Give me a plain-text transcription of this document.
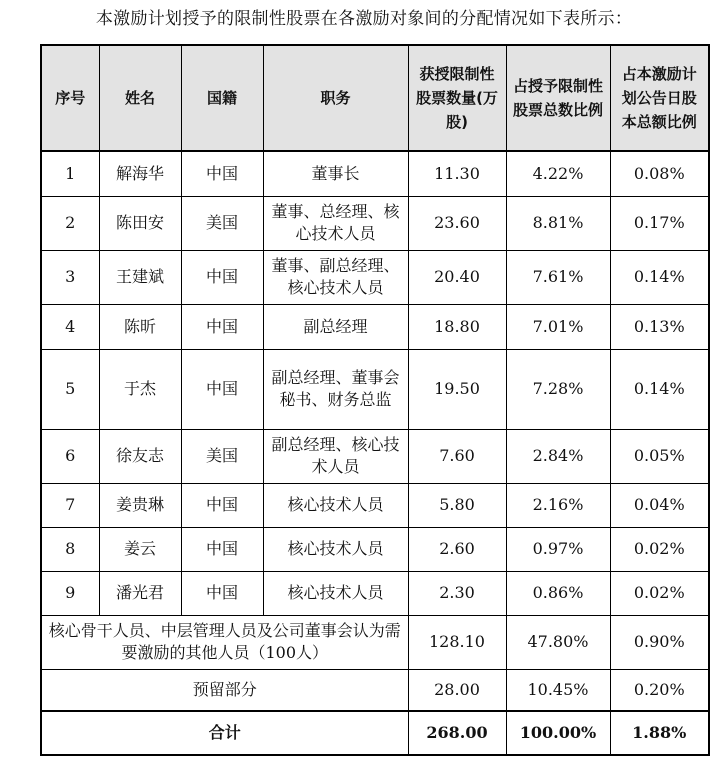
本激励计划授予的限制性股票在各激励对象间的分配情况如下表所示：
序号	姓名	国籍	职务	获授限制性股票数量(万股)	占授予限制性股票总数比例	占本激励计划公告日股本总额比例
1	解海华	中国	董事长	11.30	4.22%	0.08%
2	陈田安	美国	董事、总经理、核心技术人员	23.60	8.81%	0.17%
3	王建斌	中国	董事、副总经理、核心技术人员	20.40	7.61%	0.14%
4	陈昕	中国	副总经理	18.80	7.01%	0.13%
5	于杰	中国	副总经理、董事会秘书、财务总监	19.50	7.28%	0.14%
6	徐友志	美国	副总经理、核心技术人员	7.60	2.84%	0.05%
7	姜贵琳	中国	核心技术人员	5.80	2.16%	0.04%
8	姜云	中国	核心技术人员	2.60	0.97%	0.02%
9	潘光君	中国	核心技术人员	2.30	0.86%	0.02%
核心骨干人员、中层管理人员及公司董事会认为需要激励的其他人员（100人）				128.10	47.80%	0.90%
预留部分				28.00	10.45%	0.20%
合计				268.00	100.00%	1.88%
